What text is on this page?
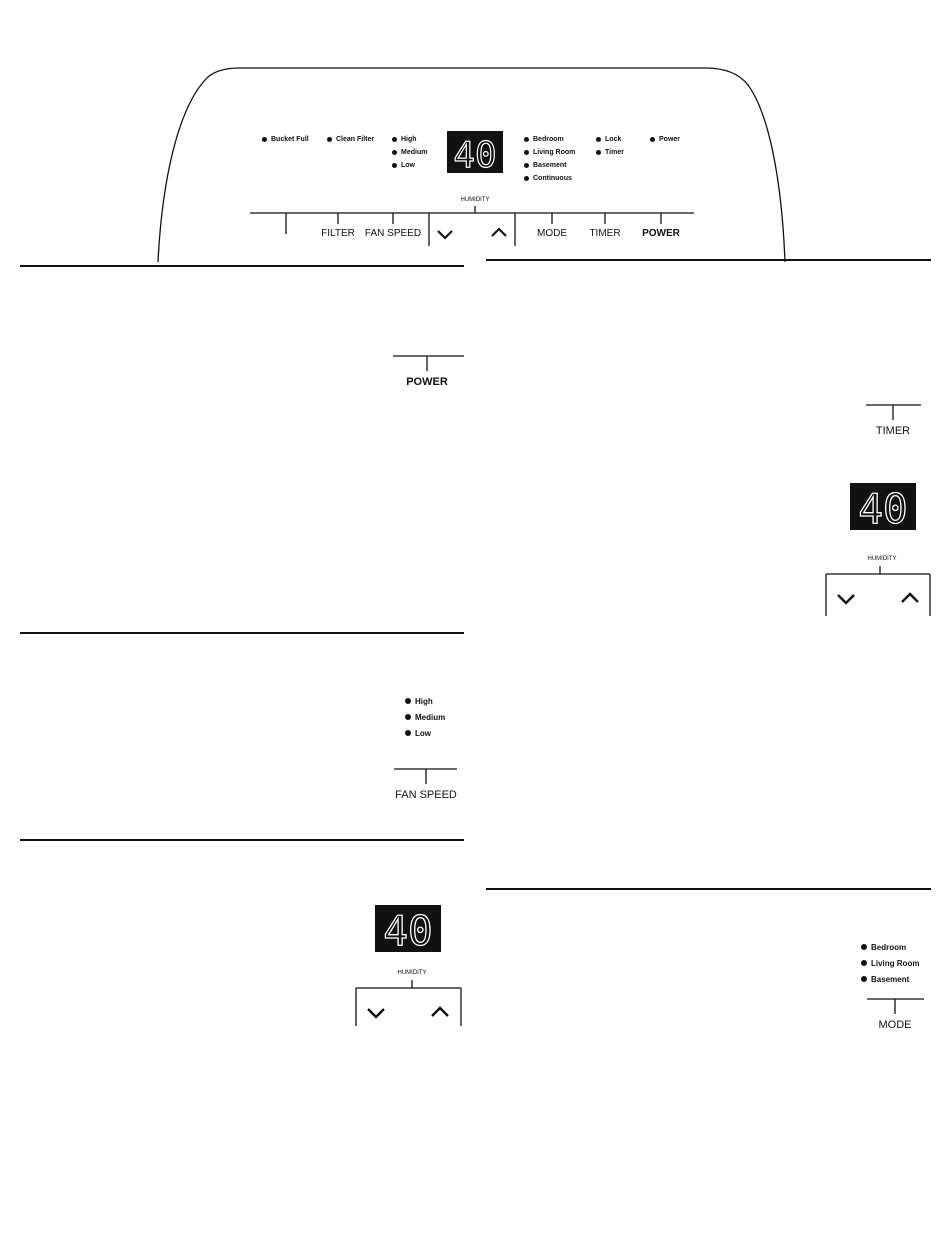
Bucket Full	Clean Filter	High
Medium
Low 40	Bedroom
Living Room
Basement
Continuous
Lock
Timer
Power
HUMIDITY
FILTER FAN SPEED	MODE TIMER POWER
POWER
TIMER
40
HUMIDITY
High
Medium
Low
FAN SPEED
40
HUMIDITY
Bedroom
Living Room
Basement
MODE
